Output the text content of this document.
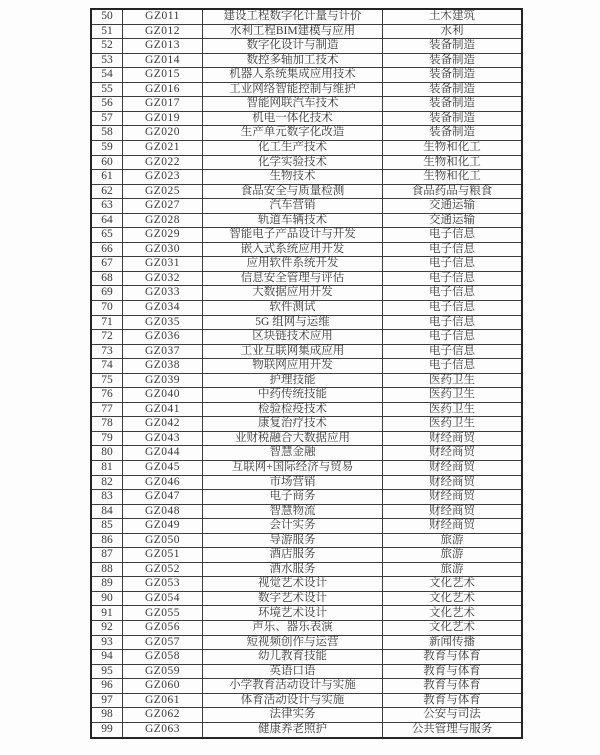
50	GZ011	建设工程数字化计量与计价	土木建筑
51	GZ012	水利工程BIM建模与应用	水利
52	GZ013	数字化设计与制造	装备制造
53	GZ014	数控多轴加工技术	装备制造
54	GZ015	机器人系统集成应用技术	装备制造
55	GZ016	工业网络智能控制与维护	装备制造
56	GZ017	智能网联汽车技术	装备制造
57	GZ019	机电一体化技术	装备制造
58	GZ020	生产单元数字化改造	装备制造
59	GZ021	化工生产技术	生物和化工
60	GZ022	化学实验技术	生物和化工
61	GZ023	生物技术	生物和化工
62	GZ025	食品安全与质量检测	食品药品与粮食
63	GZ027	汽车营销	交通运输
64	GZ028	轨道车辆技术	交通运输
65	GZ029	智能电子产品设计与开发	电子信息
66	GZ030	嵌入式系统应用开发	电子信息
67	GZ031	应用软件系统开发	电子信息
68	GZ032	信息安全管理与评估	电子信息
69	GZ033	大数据应用开发	电子信息
70	GZ034	软件测试	电子信息
71	GZ035	5G 组网与运维	电子信息
72	GZ036	区块链技术应用	电子信息
73	GZ037	工业互联网集成应用	电子信息
74	GZ038	物联网应用开发	电子信息
75	GZ039	护理技能	医药卫生
76	GZ040	中药传统技能	医药卫生
77	GZ041	检验检疫技术	医药卫生
78	GZ042	康复治疗技术	医药卫生
79	GZ043	业财税融合大数据应用	财经商贸
80	GZ044	智慧金融	财经商贸
81	GZ045	互联网+国际经济与贸易	财经商贸
82	GZ046	市场营销	财经商贸
83	GZ047	电子商务	财经商贸
84	GZ048	智慧物流	财经商贸
85	GZ049	会计实务	财经商贸
86	GZ050	导游服务	旅游
87	GZ051	酒店服务	旅游
88	GZ052	酒水服务	旅游
89	GZ053	视觉艺术设计	文化艺术
90	GZ054	数字艺术设计	文化艺术
91	GZ055	环境艺术设计	文化艺术
92	GZ056	声乐、器乐表演	文化艺术
93	GZ057	短视频创作与运营	新闻传播
94	GZ058	幼儿教育技能	教育与体育
95	GZ059	英语口语	教育与体育
96	GZ060	小学教育活动设计与实施	教育与体育
97	GZ061	体育活动设计与实施	教育与体育
98	GZ062	法律实务	公安与司法
99	GZ063	健康养老照护	公共管理与服务
